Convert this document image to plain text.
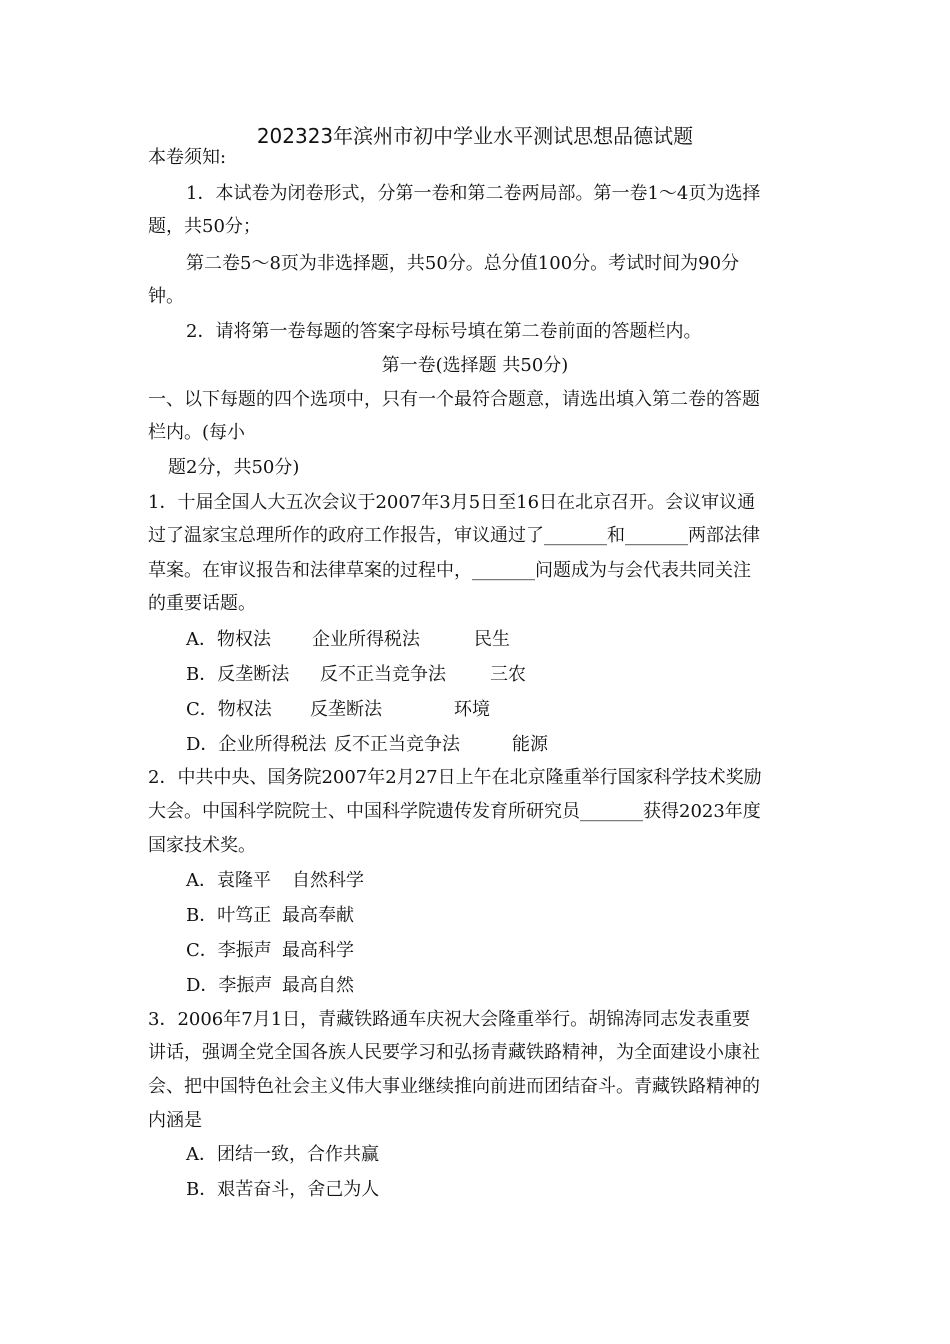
202323年滨州市初中学业水平测试思想品德试题
本卷须知:
1．本试卷为闭卷形式，分第一卷和第二卷两局部。第一卷1～4页为选择
题，共50分；
第二卷5～8页为非选择题，共50分。总分值100分。考试时间为90分
钟。
2．请将第一卷每题的答案字母标号填在第二卷前面的答题栏内。
第一卷(选择题 共50分)
一、以下每题的四个选项中，只有一个最符合题意，请选出填入第二卷的答题
栏内。(每小
题2分，共50分)
1．十届全国人大五次会议于2007年3月5日至16日在北京召开。会议审议通
过了温家宝总理所作的政府工作报告，审议通过了_______和_______两部法律
草案。在审议报告和法律草案的过程中，_______问题成为与会代表共同关注
的重要话题。
A．物权法 企业所得税法	民生
B．反垄断法 反不正当竞争法 三农
C．物权法 反垄断法	环境
D．企业所得税法 反不正当竞争法	能源
2．中共中央、国务院2007年2月27日上午在北京隆重举行国家科学技术奖励
大会。中国科学院院士、中国科学院遗传发育所研究员_______获得2023年度
国家技术奖。
A．袁隆平 自然科学
B．叶笃正 最高奉献
C．李振声 最高科学
D．李振声 最高自然
3．2006年7月1日，青藏铁路通车庆祝大会隆重举行。胡锦涛同志发表重要
讲话，强调全党全国各族人民要学习和弘扬青藏铁路精神，为全面建设小康社
会、把中国特色社会主义伟大事业继续推向前进而团结奋斗。青藏铁路精神的
内涵是
A．团结一致，合作共赢
B．艰苦奋斗，舍己为人
